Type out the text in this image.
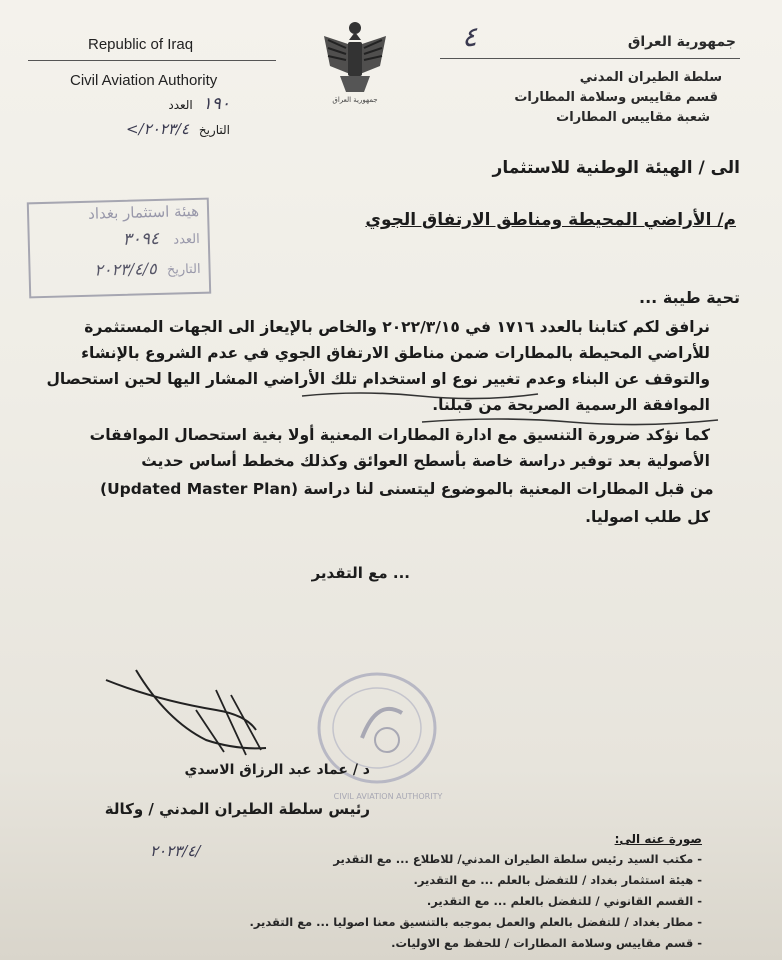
Republic of Iraq
Civil Aviation Authority
١٩٠ العدد
التاريخ ٢٠٢٣/٤/>
جمهورية العراق
جمهورية العراق
٤
سلطة الطيران المدني
قسم مقاييس وسلامة المطارات
شعبة مقاييس المطارات
الى / الهيئة الوطنية للاستثمار
م/ الأراضي المحيطة ومناطق الارتفاق الجوي
هيئة استثمار بغداد
العدد ٣٠٩٤
التاريخ ٢٠٢٣/٤/٥
تحية طيبة ...
نرافق لكم كتابنا بالعدد ١٧١٦ في ٢٠٢٢/٣/١٥ والخاص بالإيعاز الى الجهات المستثمرة
للأراضي المحيطة بالمطارات ضمن مناطق الارتفاق الجوي في عدم الشروع بالإنشاء
والتوقف عن البناء وعدم تغيير نوع او استخدام تلك الأراضي المشار اليها لحين استحصال
الموافقة الرسمية الصريحة من قبلنا.
كما نؤكد ضرورة التنسيق مع ادارة المطارات المعنية أولا بغية استحصال الموافقات
الأصولية بعد توفير دراسة خاصة بأسطح العوائق وكذلك مخطط أساس حديث
(Updated Master Plan) من قبل المطارات المعنية بالموضوع ليتسنى لنا دراسة
كل طلب اصوليا.
... مع التقدير
CIVIL AVIATION AUTHORITY
د / عماد عبد الرزاق الاسدي
رئيس سلطة الطيران المدني / وكالة
٢٠٢٣/٤/
صورة عنه الى:
- مكتب السيد رئيس سلطة الطيران المدني/ للاطلاع ... مع التقدير
- هيئة استثمار بغداد / للتفضل بالعلم ... مع التقدير.
- القسم القانوني / للتفضل بالعلم ... مع التقدير.
- مطار بغداد / للتفضل بالعلم والعمل بموجبه بالتنسيق معنا اصوليا ... مع التقدير.
- قسم مقاييس وسلامة المطارات / للحفظ مع الاوليات.
